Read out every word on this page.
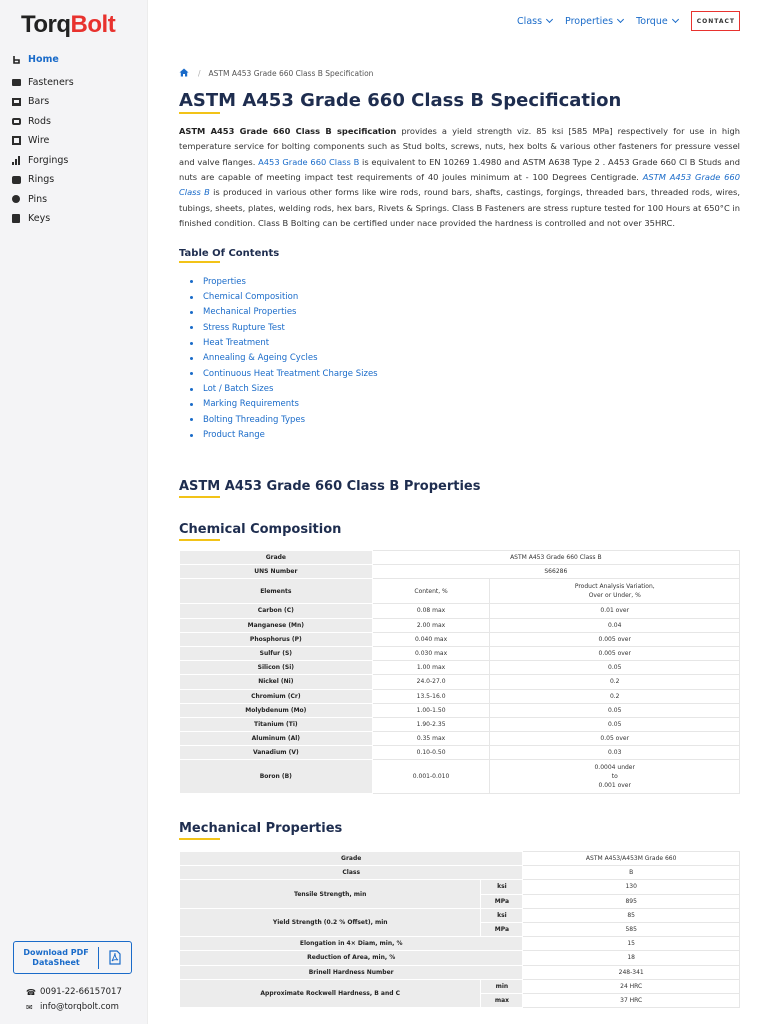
TorqBolt
Home
Fasteners
Bars
Rods
Wire
Forgings
Rings
Pins
Keys
Download PDF DataSheet
☎ 0091-22-66157017
✉ info@torqbolt.com
Class Properties Torque	CONTACT
/ ASTM A453 Grade 660 Class B Specification
ASTM A453 Grade 660 Class B Specification

ASTM A453 Grade 660 Class B specification provides a yield strength viz. 85 ksi [585 MPa] respectively for use in high temperature service for bolting components such as Stud bolts, screws, nuts, hex bolts & various other fasteners for pressure vessel and valve flanges. A453 Grade 660 Class B is equivalent to EN 10269 1.4980 and ASTM A638 Type 2 . A453 Grade 660 Cl B Studs and nuts are capable of meeting impact test requirements of 40 joules minimum at - 100 Degrees Centigrade. ASTM A453 Grade 660 Class B is produced in various other forms like wire rods, round bars, shafts, castings, forgings, threaded bars, threaded rods, wires, tubings, sheets, plates, welding rods, hex bars, Rivets & Springs. Class B Fasteners are stress rupture tested for 100 Hours at 650°C in finished condition. Class B Bolting can be certified under nace provided the hardness is controlled and not over 35HRC.

Table Of Contents
Properties
Chemical Composition
Mechanical Properties
Stress Rupture Test
Heat Treatment
Annealing & Ageing Cycles
Continuous Heat Treatment Charge Sizes
Lot / Batch Sizes
Marking Requirements
Bolting Threading Types
Product Range
ASTM A453 Grade 660 Class B Properties
Chemical Composition
Grade	ASTM A453 Grade 660 Class B	
UNS Number	S66286	
Elements	Content, %	Product Analysis Variation,
Over or Under, %
Carbon (C)	0.08 max	0.01 over
Manganese (Mn)	2.00 max	0.04
Phosphorus (P)	0.040 max	0.005 over
Sulfur (S)	0.030 max	0.005 over
Silicon (Si)	1.00 max	0.05
Nickel (Ni)	24.0-27.0	0.2
Chromium (Cr)	13.5-16.0	0.2
Molybdenum (Mo)	1.00-1.50	0.05
Titanium (Ti)	1.90-2.35	0.05
Aluminum (Al)	0.35 max	0.05 over
Vanadium (V)	0.10-0.50	0.03
Boron (B)	0.001-0.010	0.0004 under
to
0.001 over
Mechanical Properties
Grade		ASTM A453/A453M Grade 660
Class		B
Tensile Strength, min	ksi	130
	MPa	895
Yield Strength (0.2 % Offset), min	ksi	85
	MPa	585
Elongation in 4× Diam, min, %		15
Reduction of Area, min, %		18
Brinell Hardness Number		248-341
Approximate Rockwell Hardness, B and C	min	24 HRC
	max	37 HRC
